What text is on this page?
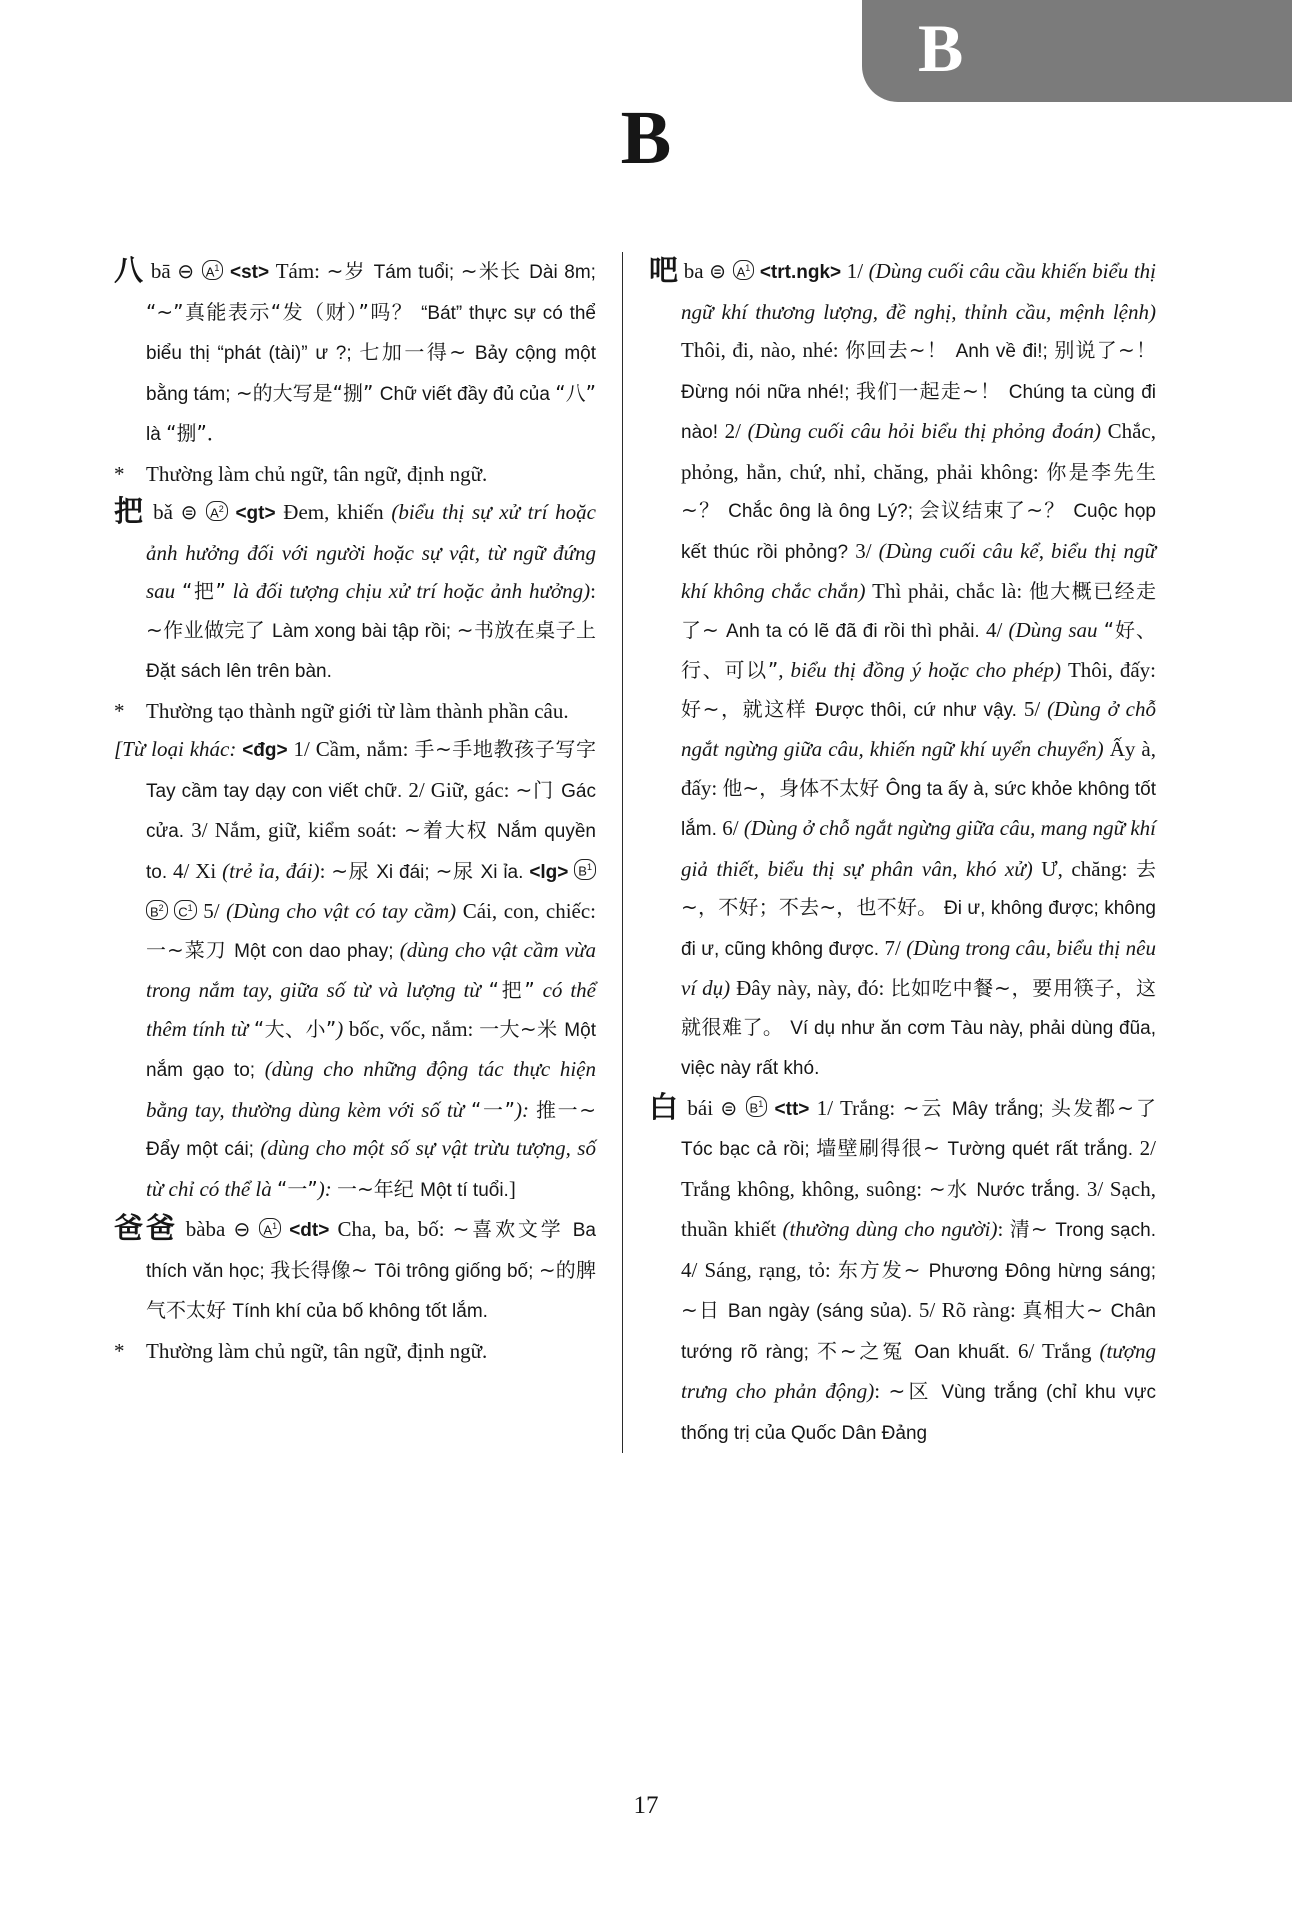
B
B

八 bā ⊖ $A^1 <st>$ Tám: ~岁 Tám tuổi; ~米长 Dài 8m; “~”真能表示“发（财）”吗？ “Bát” thực sự có thể biểu thị “phát (tài)” ư ?; 七加一得~ Bảy cộng một bằng tám; ~的大写是“捌” Chữ viết đầy đủ của “八” là “捌”．

* Thường làm chủ ngữ, tân ngữ, định ngữ.

把 bǎ ⊜ $A^2 <gt>$ Đem, khiến (biểu thị sự xử trí hoặc ảnh hưởng đối với người hoặc sự vật, từ ngữ đứng sau “把” là đối tượng chịu xử trí hoặc ảnh hưởng): ~作业做完了 Làm xong bài tập rồi; ~书放在桌子上 Đặt sách lên trên bàn.

* Thường tạo thành ngữ giới từ làm thành phần câu.

[Từ loại khác: <đg> 1/ Cầm, nắm: 手~手地教孩子写字 Tay cầm tay dạy con viết chữ. 2/ Giữ, gác: ~门 Gác cửa. 3/ Nắm, giữ, kiểm soát: ~着大权 Nắm quyền to. 4/ Xi (trẻ ỉa, đái): ~尿 Xi đái; ~尿 Xi ỉa. $<\lg> B^1$ $B^2$ $C^1$ 5/ (Dùng cho vật có tay cầm) Cái, con, chiếc: 一~菜刀 Một con dao phay; (dùng cho vật cầm vừa trong nắm tay, giữa số từ và lượng từ “把” có thể thêm tính từ “大、小”) bốc, vốc, nắm: 一大~米 Một nắm gạo to; (dùng cho những động tác thực hiện bằng tay, thường dùng kèm với số từ “一”): 推一~ Đẩy một cái; (dùng cho một số sự vật trừu tượng, số từ chỉ có thể là “一”): 一~年纪 Một tí tuổi.]

爸爸 bàba ⊖ $A^1 <dt>$ Cha, ba, bố: ~喜欢文学 Ba thích văn học; 我长得像~ Tôi trông giống bố; ~的脾气不太好 Tính khí của bố không tốt lắm.

* Thường làm chủ ngữ, tân ngữ, định ngữ.

吧 ba ⊜ $A^1 <trt.ngk> 1/$ (Dùng cuối câu cầu khiến biểu thị ngữ khí thương lượng, đề nghị, thỉnh cầu, mệnh lệnh) Thôi, đi, nào, nhé: 你回去~！ Anh về đi!; 别说了~！ Đừng nói nữa nhé!; 我们一起走~！ Chúng ta cùng đi nào! 2/ (Dùng cuối câu hỏi biểu thị phỏng đoán) Chắc, phỏng, hẳn, chứ, nhỉ, chăng, phải không: 你是李先生~？ Chắc ông là ông Lý?; 会议结束了~？ Cuộc họp kết thúc rồi phỏng? 3/ (Dùng cuối câu kể, biểu thị ngữ khí không chắc chắn) Thì phải, chắc là: 他大概已经走了~ Anh ta có lẽ đã đi rồi thì phải. 4/ (Dùng sau “好、行、可以”, biểu thị đồng ý hoặc cho phép) Thôi, đấy: 好~，就这样 Được thôi, cứ như vậy. 5/ (Dùng ở chỗ ngắt ngừng giữa câu, khiến ngữ khí uyển chuyển) Ấy à, đấy: 他~，身体不太好 Ông ta ấy à, sức khỏe không tốt lắm. 6/ (Dùng ở chỗ ngắt ngừng giữa câu, mang ngữ khí giả thiết, biểu thị sự phân vân, khó xử) Ư, chăng: 去~，不好；不去~，也不好。 Đi ư, không được; không đi ư, cũng không được. 7/ (Dùng trong câu, biểu thị nêu ví dụ) Đây này, này, đó: 比如吃中餐~，要用筷子，这就很难了。 Ví dụ như ăn cơm Tàu này, phải dùng đũa, việc này rất khó.

白 bái ⊜ $B^1 <tt> 1/$ Trắng: ~云 Mây trắng; 头发都~了 Tóc bạc cả rồi; 墙壁刷得很~ Tường quét rất trắng. 2/ Trắng không, không, suông: ~水 Nước trắng. 3/ Sạch, thuần khiết (thường dùng cho người): 清~ Trong sạch. 4/ Sáng, rạng, tỏ: 东方发~ Phương Đông hừng sáng; ~日 Ban ngày (sáng sủa). 5/ Rõ ràng: 真相大~ Chân tướng rõ ràng; 不~之冤 Oan khuất. 6/ Trắng (tượng trưng cho phản động): ~区 Vùng trắng (chỉ khu vực thống trị của Quốc Dân Đảng

17
